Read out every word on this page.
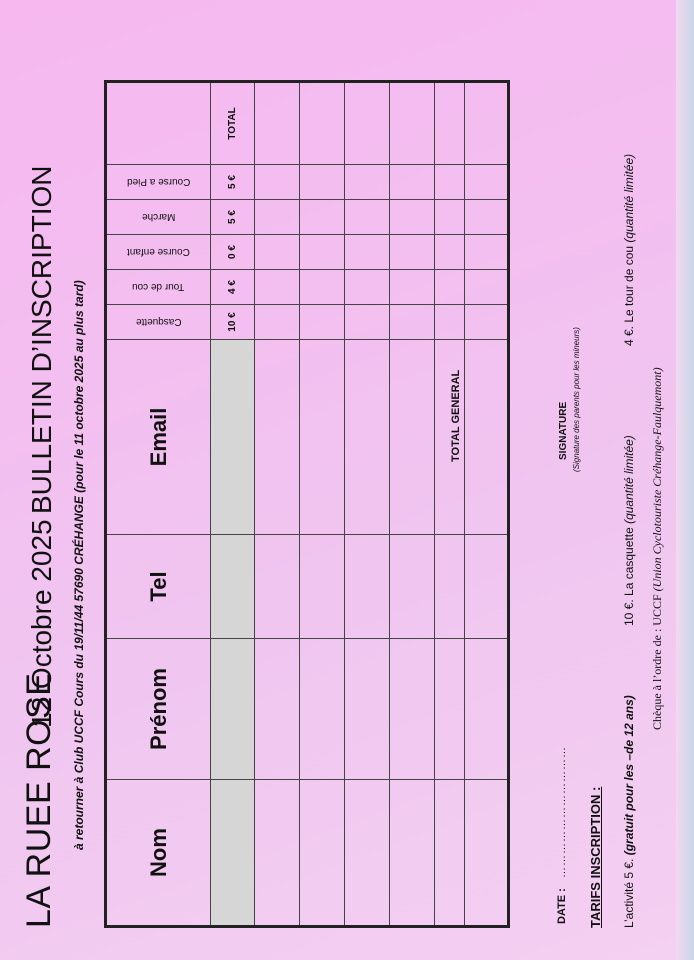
LA RUEE ROSE
12 Octobre 2025
BULLETIN D’INSCRIPTION à retourner à Club UCCF Cours du 19/11/44 57690 CRÉHANGE (pour le 11 octobre 2025 au plus tard)
Nom
Prénom
Tel
Email
Casquette
Tour de cou
Course enfant
Marche
Course a Pied
10 €
4 €
0 €
5 €
5 €
TOTAL
TOTAL GENERAL	SIGNATURE (Signature des parents pour les mineurs)
DATE :
…………………………… TARIFS INSCRIPTION : L’activité 5 €. (gratuit pour les –de 12 ans)
10 €. La casquette (quantité limitée)
4 €. Le tour de cou (quantité limitée)
Chèque à l’ordre de : UCCF (Union Cyclotouriste Créhange-Faulquemont)
